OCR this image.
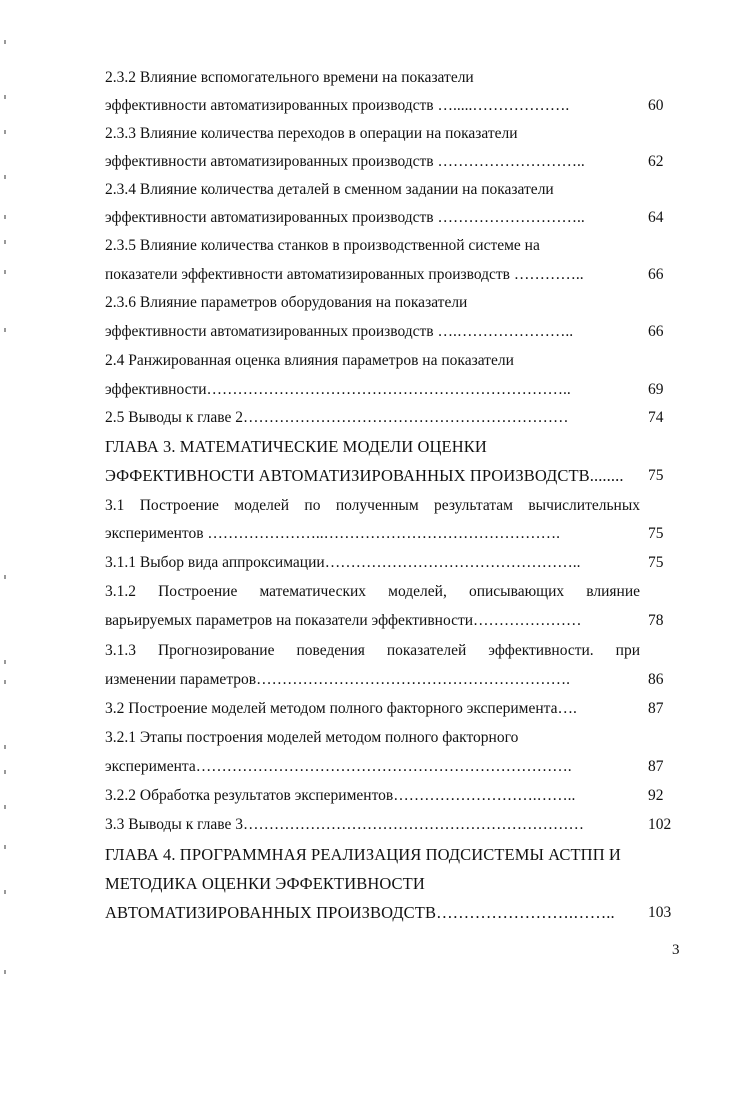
2.3.2 Влияние вспомогательного времени на показатели
эффективности автоматизированных производств ….....……………….	60
2.3.3 Влияние количества переходов в операции на показатели
эффективности автоматизированных производств ………………………..	62
2.3.4 Влияние количества деталей в сменном задании на показатели
эффективности автоматизированных производств ………………………..	64
2.3.5 Влияние количества станков в производственной системе на
показатели эффективности автоматизированных производств …………..	66
2.3.6 Влияние параметров оборудования на показатели
эффективности автоматизированных производств ….…………………..	66
2.4 Ранжированная оценка влияния параметров на показатели
эффективности……………………………………………………………..	69
2.5 Выводы к главе 2………………………………………………………	74
ГЛАВА 3. МАТЕМАТИЧЕСКИЕ МОДЕЛИ ОЦЕНКИ
ЭФФЕКТИВНОСТИ АВТОМАТИЗИРОВАННЫХ ПРОИЗВОДСТВ........	75
3.1 Построение моделей по полученным результатам вычислительных
экспериментов …………………..……………………………………….	75
3.1.1 Выбор вида аппроксимации…………………………………………..	75
3.1.2 Построение математических моделей, описывающих влияние
варьируемых параметров на показатели эффективности…………………	78
3.1.3 Прогнозирование поведения показателей эффективности. при
изменении параметров…………………………………………………….	86
3.2 Построение моделей методом полного факторного эксперимента….	87
3.2.1 Этапы построения моделей методом полного факторного
эксперимента……………………………………………………………….	87
3.2.2 Обработка результатов экспериментов……………………….……..	92
3.3 Выводы к главе 3…………………………………………………………	102
ГЛАВА 4. ПРОГРАММНАЯ РЕАЛИЗАЦИЯ ПОДСИСТЕМЫ АСТПП И
МЕТОДИКА ОЦЕНКИ ЭФФЕКТИВНОСТИ
АВТОМАТИЗИРОВАННЫХ ПРОИЗВОДСТВ…………………….……..	103
3
